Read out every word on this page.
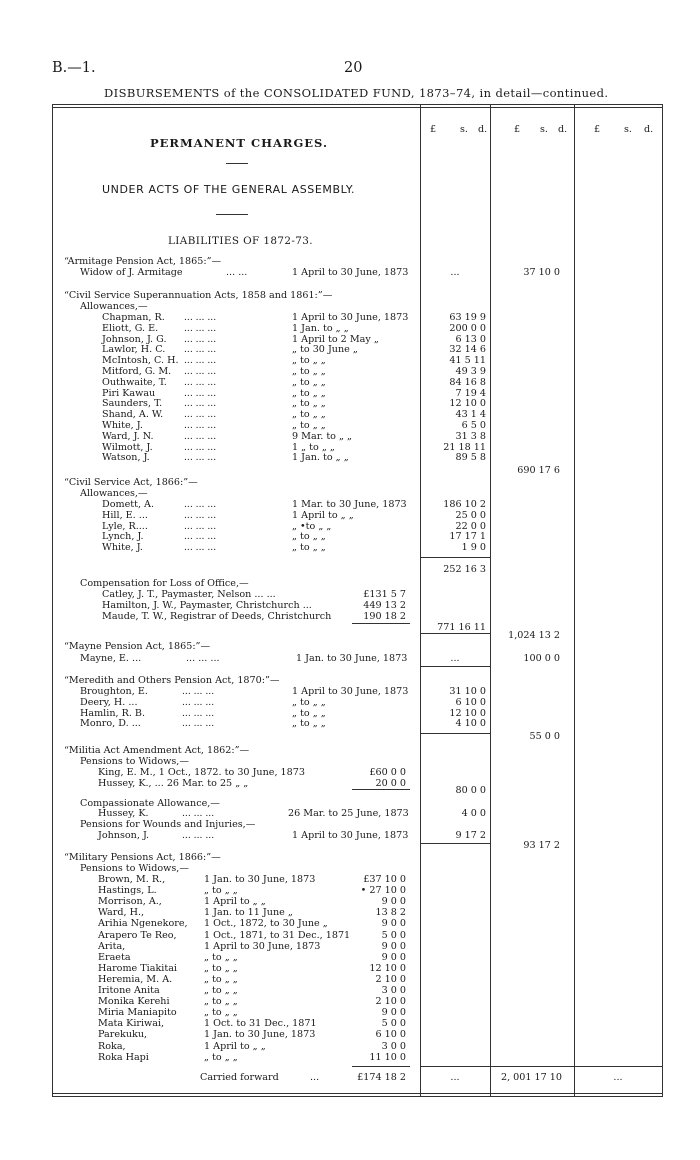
B.—1.	20
DISBURSEMENTS of the CONSOLIDATED FUND, 1873–74, in detail—continued.
£ s. d.	£ s. d.	£ s. d.
PERMANENT CHARGES.
UNDER ACTS OF THE GENERAL ASSEMBLY.
LIABILITIES OF 1872-73.
“Armitage Pension Act, 1865:”—
Widow of J. Armitage	... ...	1 April to 30 June, 1873	...	37 10 0
“Civil Service Superannuation Acts, 1858 and 1861:”—
Allowances,—
Chapman, R. ... ... ...	1 April to 30 June, 1873	63 19 9
Eliott, G. E.	... ... ...	1 Jan. to „ „	200 0 0
Johnson, J. G. ... ... ...	1 April to 2 May „	6 13 0
Lawlor, H. C. ... ... ...	„ to 30 June „	32 14 6
McIntosh, C. H. ... ... ...	„ to „ „	41 5 11
Mitford, G. M. ... ... ...	„ to „ „	49 3 9
Outhwaite, T. ... ... ...	„ to „ „	84 16 8
Piri Kawau	... ... ...	„ to „ „	7 19 4
Saunders, T. ... ... ...	„ to „ „	12 10 0
Shand, A. W. ... ... ...	„ to „ „	43 1 4
White, J.	... ... ...	„ to „ „	6 5 0
Ward, J. N.	... ... ...	9 Mar. to „ „	31 3 8
Wilmott, J.	... ... ...	1 „ to „ „	21 18 11
Watson, J.	... ... ...	1 Jan. to „ „	89 5 8
690 17 6
“Civil Service Act, 1866:”—
Allowances,—
Domett, A.	... ... ...	1 Mar. to 30 June, 1873	186 10 2
Hill, E. ...	... ... ...	1 April to „ „	25 0 0
Lyle, R....	... ... ...	„ •to „ „	22 0 0
Lynch, J.	... ... ...	„ to „ „	17 17 1
White, J.	... ... ...	„ to „ „	1 9 0
252 16 3
Compensation for Loss of Office,—
Catley, J. T., Paymaster, Nelson ... ...	£131 5 7
Hamilton, J. W., Paymaster, Christchurch ...	449 13 2
Maude, T. W., Registrar of Deeds, Christchurch	190 18 2
771 16 11
1,024 13 2
“Mayne Pension Act, 1865:”—
Mayne, E. ...	... ... ...	1 Jan. to 30 June, 1873	...	100 0 0
“Meredith and Others Pension Act, 1870:”—
Broughton, E.	... ... ...	1 April to 30 June, 1873	31 10 0
Deery, H. ...	... ... ...	„ to „ „	6 10 0
Hamlin, R. B.	... ... ...	„ to „ „	12 10 0
Monro, D. ...	... ... ...	„ to „ „	4 10 0
55 0 0
“Militia Act Amendment Act, 1862:”—
Pensions to Widows,—
King, E. M., 1 Oct., 1872. to 30 June, 1873	£60 0 0
Hussey, K., ... 26 Mar. to 25 „ „	20 0 0
80 0 0
Compassionate Allowance,—
Hussey, K.	... ... ...	26 Mar. to 25 June, 1873	4 0 0
Pensions for Wounds and Injuries,—
Johnson, J.	... ... ...	1 April to 30 June, 1873	9 17 2
93 17 2
“Military Pensions Act, 1866:”—
Pensions to Widows,—
Brown, M. R.,	1 Jan. to 30 June, 1873	£37 10 0
Hastings, L.	„ to „ „	• 27 10 0
Morrison, A.,	1 April to „ „	9 0 0
Ward, H.,	1 Jan. to 11 June „	13 8 2
Arihia Ngenekore, 1 Oct., 1872, to 30 June „	9 0 0
Arapero Te Reo,	1 Oct., 1871, to 31 Dec., 1871	5 0 0
Arita,	1 April to 30 June, 1873	9 0 0
Eraeta	„ to „ „	9 0 0
Harome Tiakitai	„ to „ „	12 10 0
Heremia, M. A.	„ to „ „	2 10 0
Iritone Anita	„ to „ „	3 0 0
Monika Kerehi	„ to „ „	2 10 0
Miria Maniapito	„ to „ „	9 0 0
Mata Kiriwai,	1 Oct. to 31 Dec., 1871	5 0 0
Parekuku,	1 Jan. to 30 June, 1873	6 10 0
Roka,	1 April to „ „	3 0 0
Roka Hapi	„ to „ „	11 10 0
Carried forward	...	£174 18 2	...	2, 001 17 10	...
